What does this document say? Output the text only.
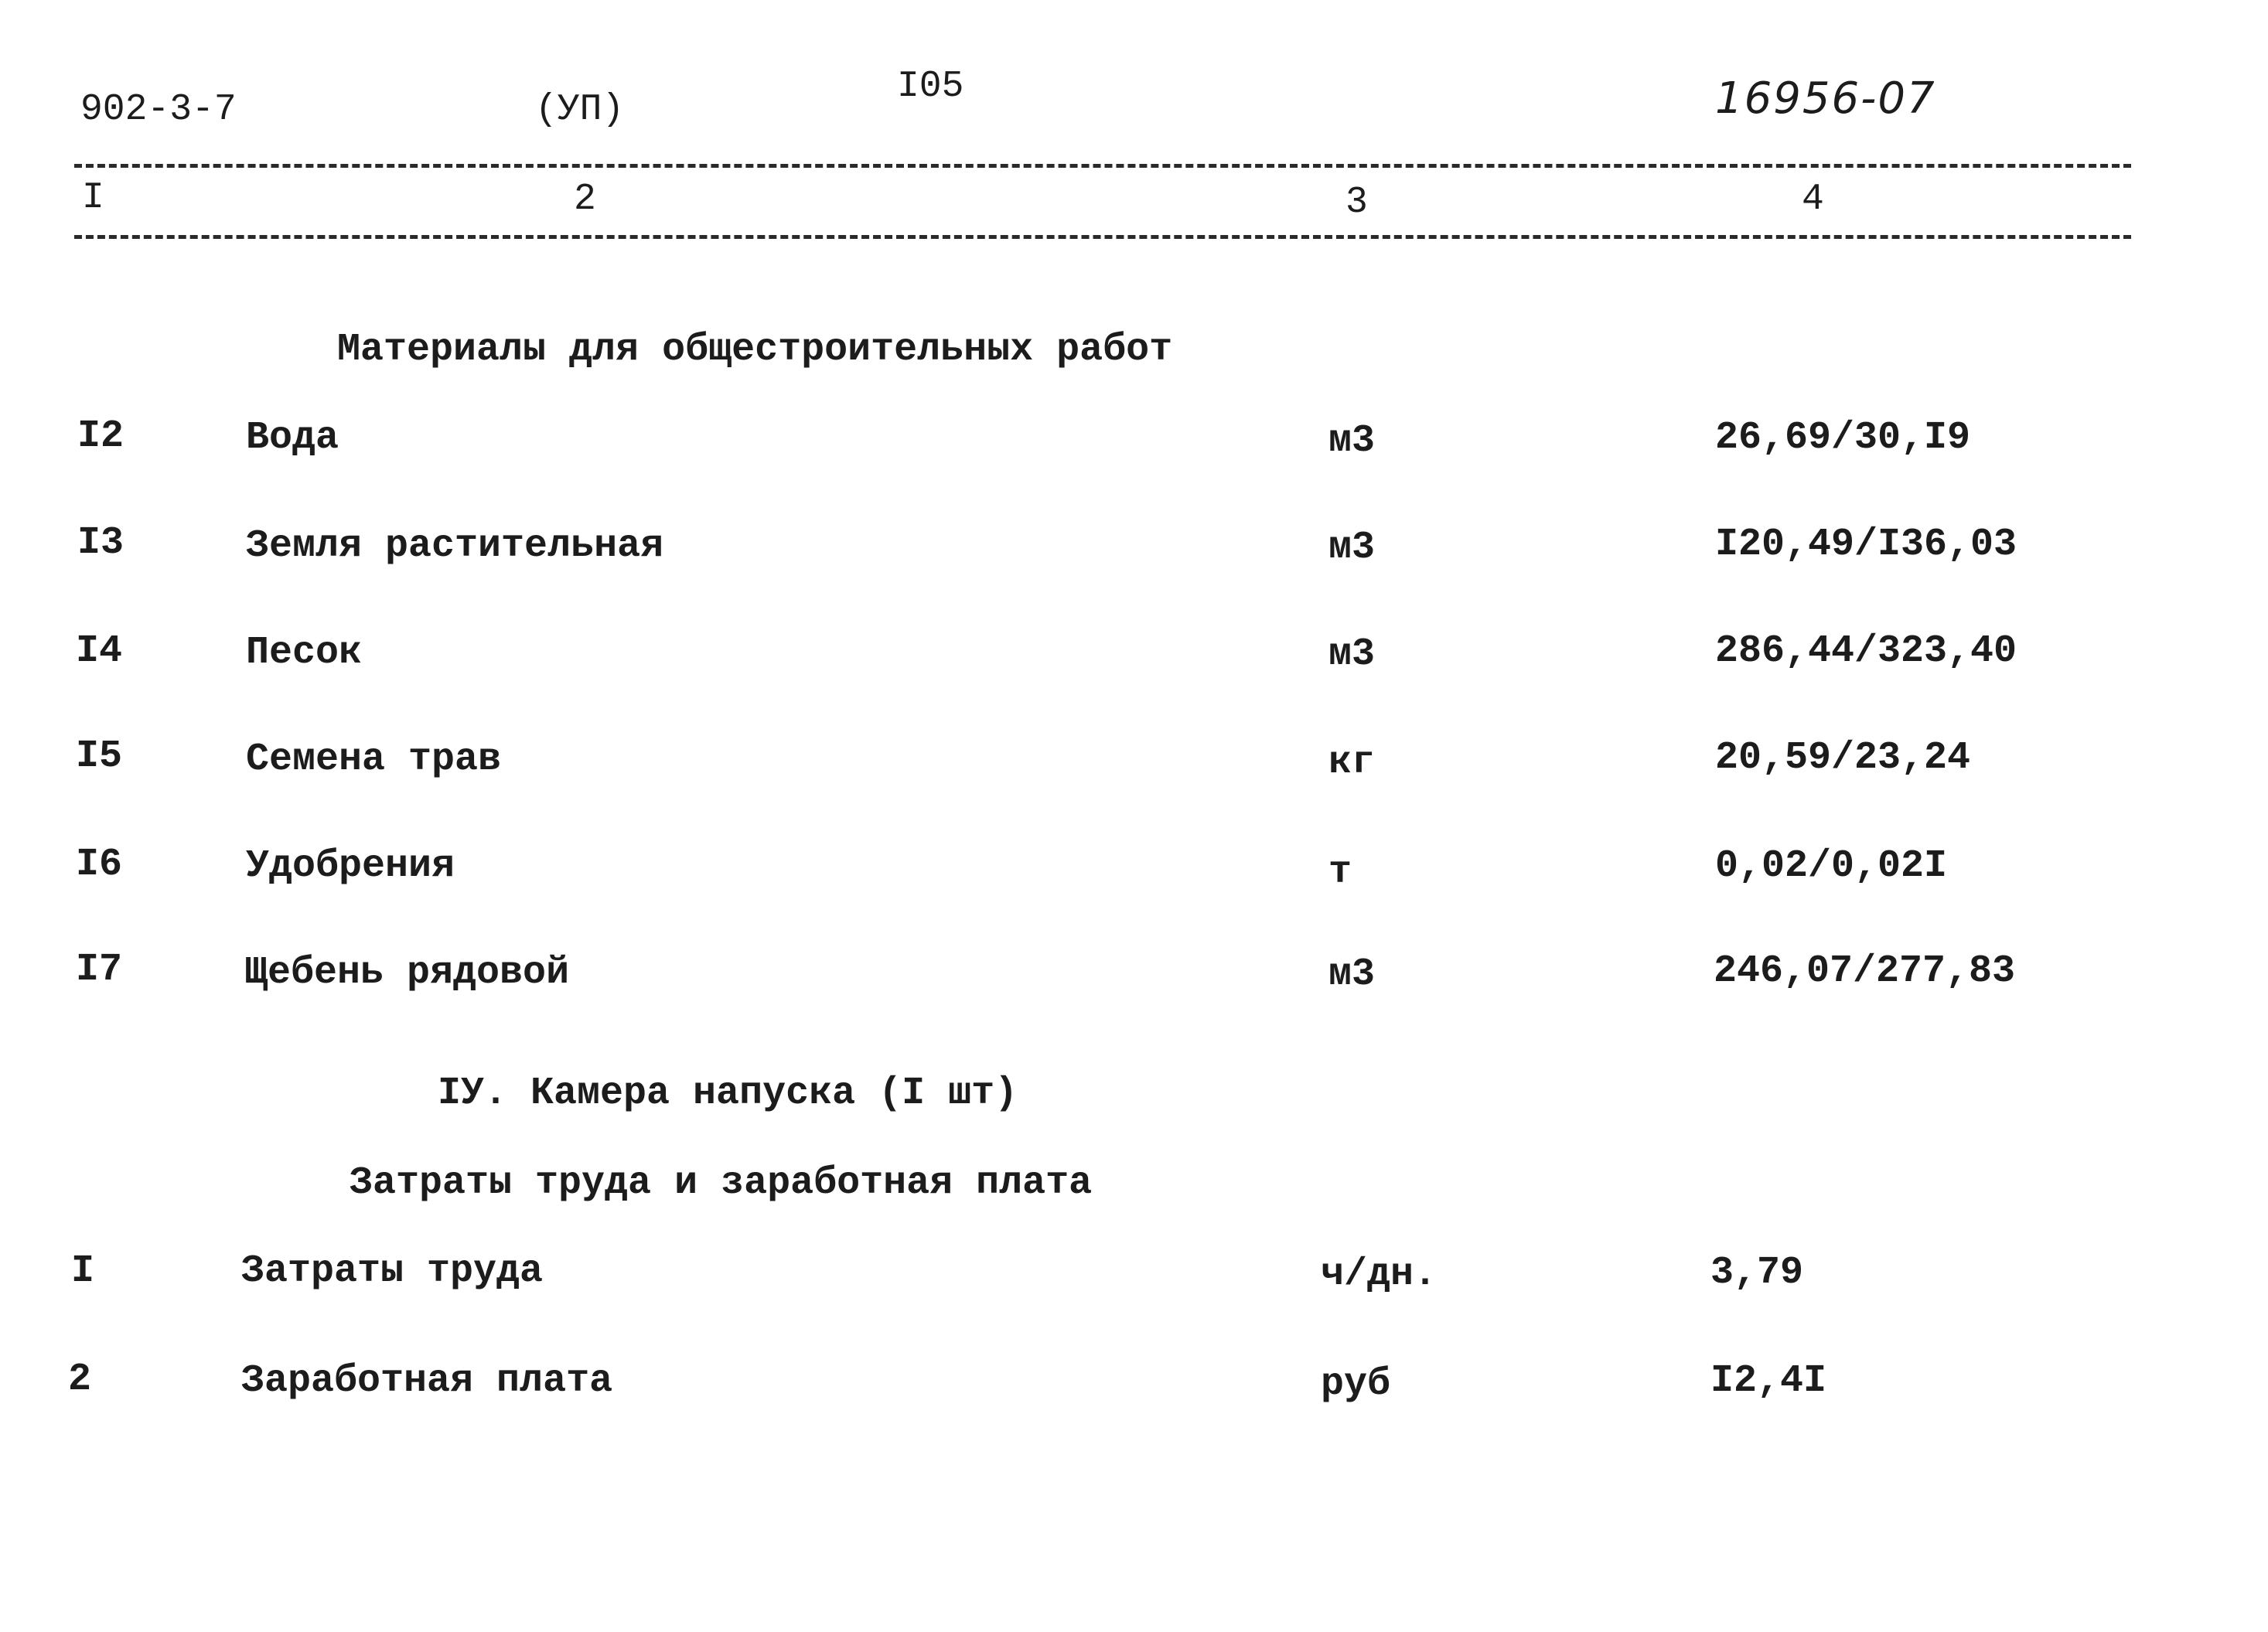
902-3-7	(УП)
I05	16956-07
I	2	3	4
Материалы для общестроительных работ
I2	Вода	м3	26,69/30,I9
I3	Земля растительная	м3	I20,49/I36,03
I4	Песок	м3	286,44/323,40
I5	Семена трав	кг	20,59/23,24
I6	Удобрения	т	0,02/0,02I
I7	Щебень рядовой	м3	246,07/277,83
IУ. Камера напуска (I шт)
Затраты труда и заработная плата
I	Затраты труда	ч/дн.	3,79
2	Заработная плата	руб	I2,4I
